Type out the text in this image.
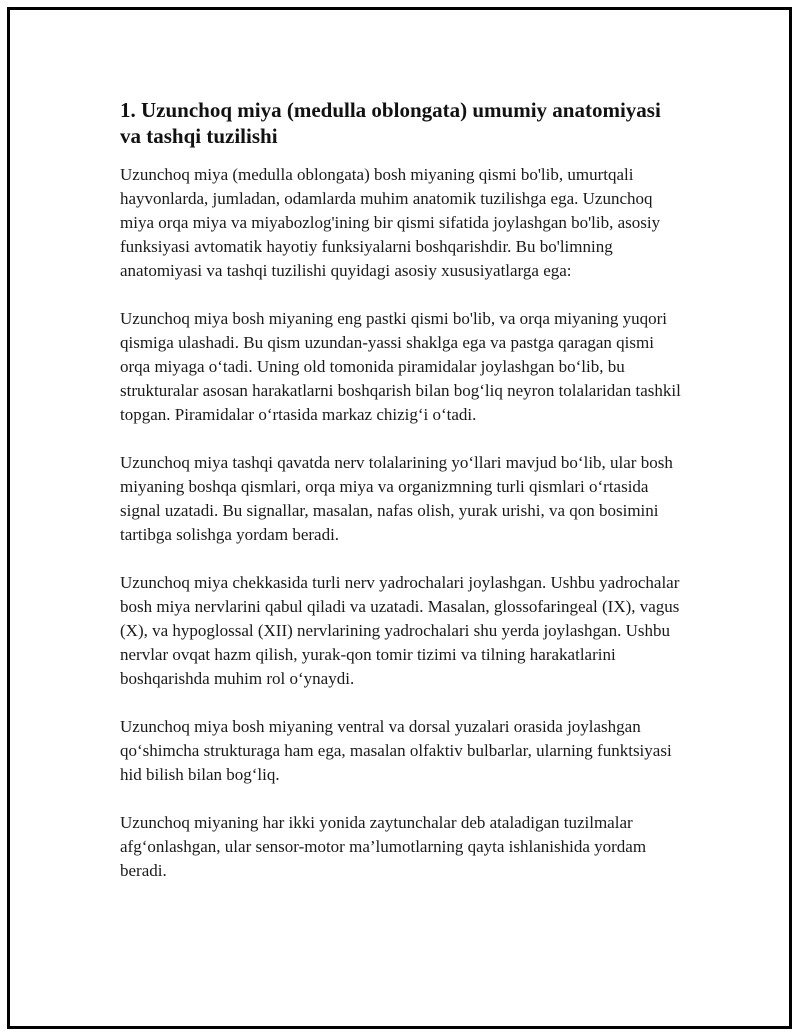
1. Uzunchoq miya (medulla oblongata) umumiy anatomiyasi va tashqi tuzilishi

Uzunchoq miya (medulla oblongata) bosh miyaning qismi bo'lib, umurtqali hayvonlarda, jumladan, odamlarda muhim anatomik tuzilishga ega. Uzunchoq miya orqa miya va miyabozlog'ining bir qismi sifatida joylashgan bo'lib, asosiy funksiyasi avtomatik hayotiy funksiyalarni boshqarishdir. Bu bo'limning anatomiyasi va tashqi tuzilishi quyidagi asosiy xususiyatlarga ega:

Uzunchoq miya bosh miyaning eng pastki qismi bo'lib, va orqa miyaning yuqori qismiga ulashadi. Bu qism uzundan-yassi shaklga ega va pastga qaragan qismi orqa miyaga o‘tadi. Uning old tomonida piramidalar joylashgan bo‘lib, bu strukturalar asosan harakatlarni boshqarish bilan bog‘liq neyron tolalaridan tashkil topgan. Piramidalar o‘rtasida markaz chizig‘i o‘tadi.

Uzunchoq miya tashqi qavatda nerv tolalarining yo‘llari mavjud bo‘lib, ular bosh miyaning boshqa qismlari, orqa miya va organizmning turli qismlari o‘rtasida signal uzatadi. Bu signallar, masalan, nafas olish, yurak urishi, va qon bosimini tartibga solishga yordam beradi.

Uzunchoq miya chekkasida turli nerv yadrochalari joylashgan. Ushbu yadrochalar bosh miya nervlarini qabul qiladi va uzatadi. Masalan, glossofaringeal (IX), vagus (X), va hypoglossal (XII) nervlarining yadrochalari shu yerda joylashgan. Ushbu nervlar ovqat hazm qilish, yurak-qon tomir tizimi va tilning harakatlarini boshqarishda muhim rol o‘ynaydi.

Uzunchoq miya bosh miyaning ventral va dorsal yuzalari orasida joylashgan qo‘shimcha strukturaga ham ega, masalan olfaktiv bulbarlar, ularning funktsiyasi hid bilish bilan bog‘liq.

Uzunchoq miyaning har ikki yonida zaytunchalar deb ataladigan tuzilmalar afg‘onlashgan, ular sensor-motor ma’lumotlarning qayta ishlanishida yordam beradi.
